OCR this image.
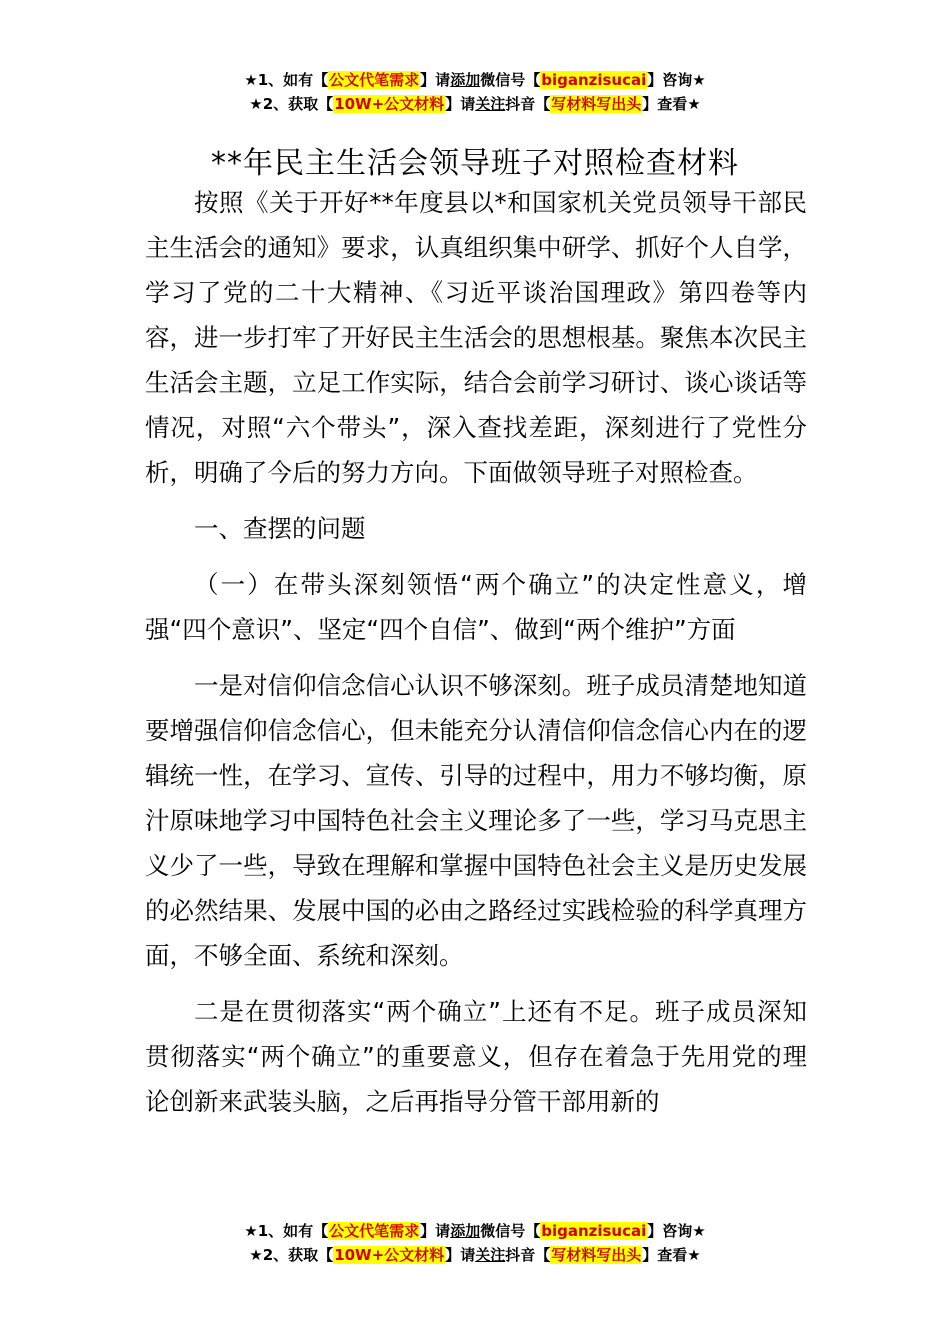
★1、如有【公文代笔需求】请添加微信号【biganzisucai】咨询★
★2、获取【10W+公文材料】请关注抖音【写材料写出头】查看★
**年民主生活会领导班子对照检查材料

按照《关于开好**年度县以*和国家机关党员领导干部民主生活会的通知》要求，认真组织集中研学、抓好个人自学，学习了党的二十大精神、《习近平谈治国理政》第四卷等内容，进一步打牢了开好民主生活会的思想根基。聚焦本次民主生活会主题，立足工作实际，结合会前学习研讨、谈心谈话等情况，对照“六个带头”，深入查找差距，深刻进行了党性分析，明确了今后的努力方向。下面做领导班子对照检查。

一、查摆的问题

（一）在带头深刻领悟“两个确立”的决定性意义，增强“四个意识”、坚定“四个自信”、做到“两个维护”方面

一是对信仰信念信心认识不够深刻。班子成员清楚地知道要增强信仰信念信心，但未能充分认清信仰信念信心内在的逻辑统一性，在学习、宣传、引导的过程中，用力不够均衡，原汁原味地学习中国特色社会主义理论多了一些，学习马克思主义少了一些，导致在理解和掌握中国特色社会主义是历史发展的必然结果、发展中国的必由之路经过实践检验的科学真理方面，不够全面、系统和深刻。

二是在贯彻落实“两个确立”上还有不足。班子成员深知贯彻落实“两个确立”的重要意义，但存在着急于先用党的理论创新来武装头脑，之后再指导分管干部用新的

★1、如有【公文代笔需求】请添加微信号【biganzisucai】咨询★
★2、获取【10W+公文材料】请关注抖音【写材料写出头】查看★
